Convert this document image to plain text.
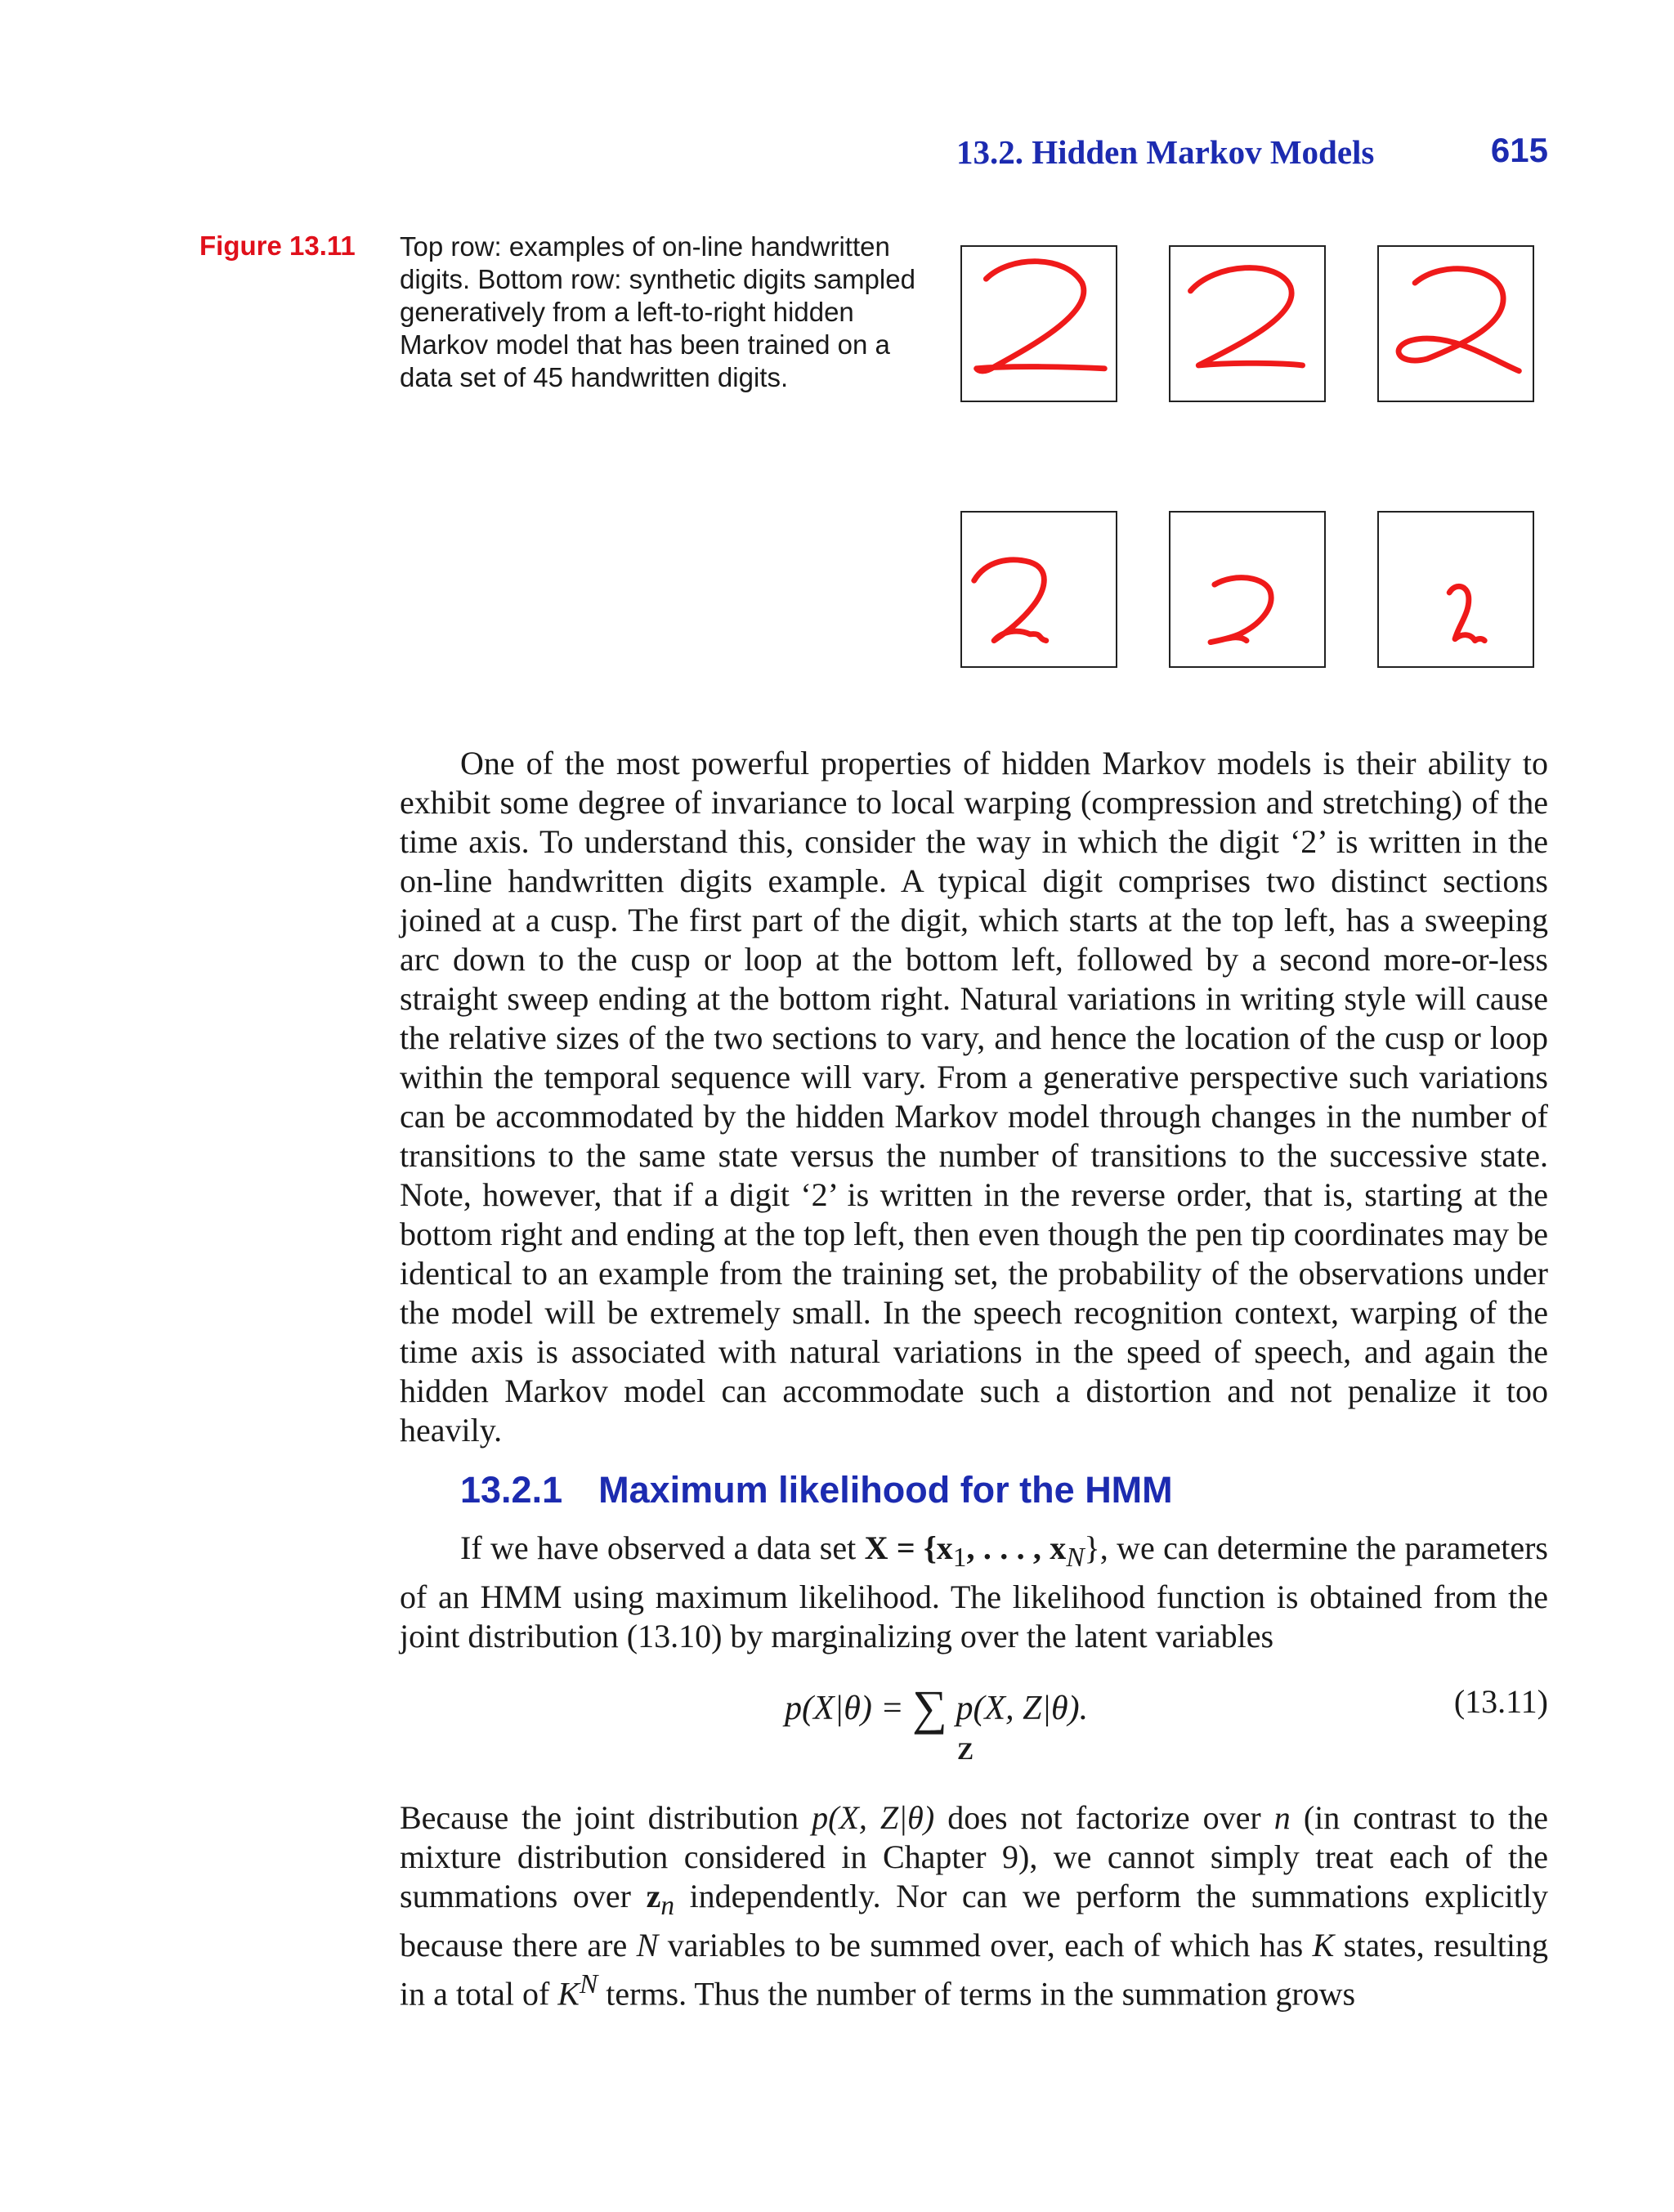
13.2. Hidden Markov Models	615
Figure 13.11 Top row: examples of on-line handwritten digits. Bottom row: synthetic digits sampled generatively from a left-to-right hidden Markov model that has been trained on a data set of 45 handwritten digits.

One of the most powerful properties of hidden Markov models is their ability to exhibit some degree of invariance to local warping (compression and stretching) of the time axis. To understand this, consider the way in which the digit ‘2’ is written in the on-line handwritten digits example. A typical digit comprises two distinct sections joined at a cusp. The first part of the digit, which starts at the top left, has a sweeping arc down to the cusp or loop at the bottom left, followed by a second more-or-less straight sweep ending at the bottom right. Natural variations in writing style will cause the relative sizes of the two sections to vary, and hence the location of the cusp or loop within the temporal sequence will vary. From a generative perspective such variations can be accommodated by the hidden Markov model through changes in the number of transitions to the same state versus the number of transitions to the successive state. Note, however, that if a digit ‘2’ is written in the reverse order, that is, starting at the bottom right and ending at the top left, then even though the pen tip coordinates may be identical to an example from the training set, the probability of the observations under the model will be extremely small. In the speech recognition context, warping of the time axis is associated with natural variations in the speed of speech, and again the hidden Markov model can accommodate such a distortion and not penalize it too heavily.

13.2.1 Maximum likelihood for the HMM

If we have observed a data set $X = \{x_1$, . . . , $x_N$}, we can determine the parameters of an HMM using maximum likelihood. The likelihood function is obtained from the joint distribution (13.10) by marginalizing over the latent variables

p(X|θ) = ∑ p(X, Z|θ).
Z
(13.11)

Because the joint distribution p(X, Z|θ) does not factorize over n (in contrast to the mixture distribution considered in Chapter 9), we cannot simply treat each of the summations over $z_n$ independently. Nor can we perform the summations explicitly because there are N variables to be summed over, each of which has K states, resulting in a total of $K^N$ terms. Thus the number of terms in the summation grows
